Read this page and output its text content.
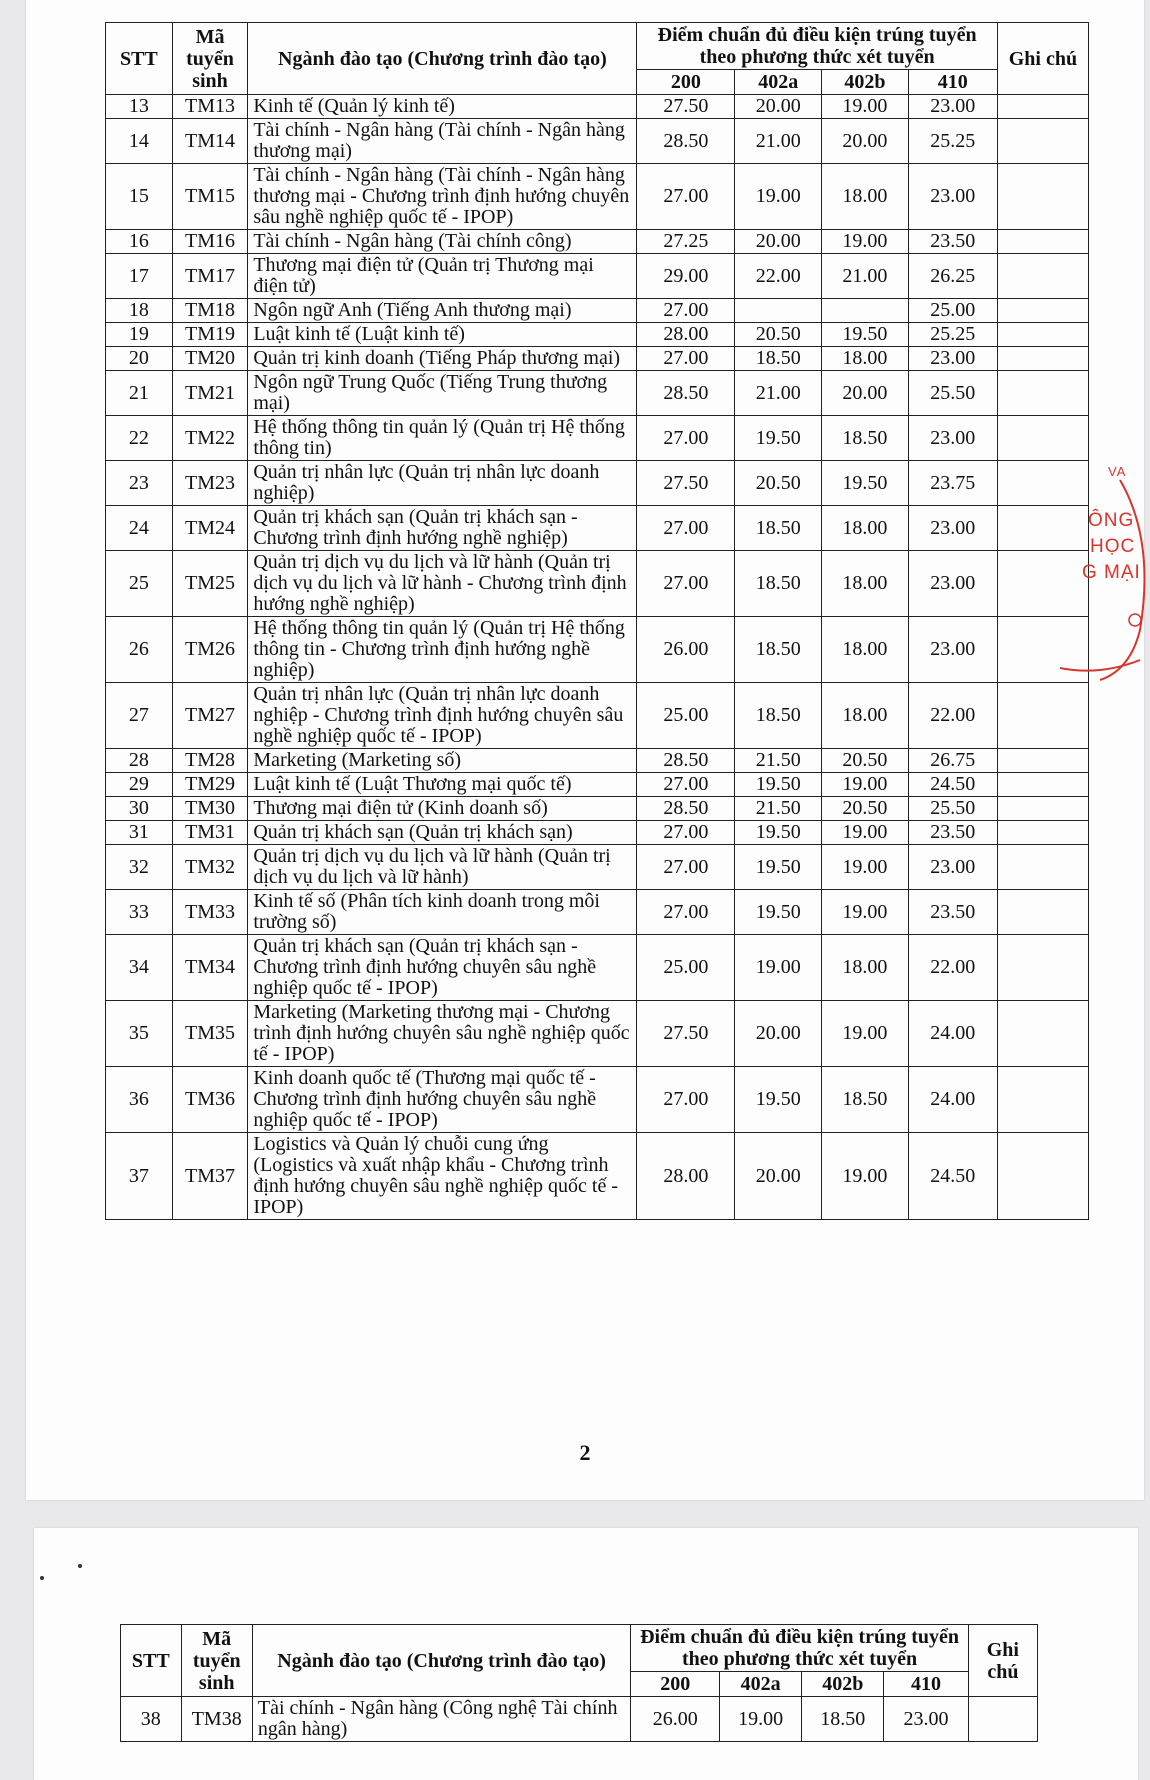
STT	Mã tuyển sinh	Ngành đào tạo (Chương trình đào tạo)	Điểm chuẩn đủ điều kiện trúng tuyển theo phương thức xét tuyển				Ghi chú
			200	402a	402b	410	
13	TM13	Kinh tế (Quản lý kinh tế)	27.50	20.00	19.00	23.00	
14	TM14	Tài chính - Ngân hàng (Tài chính - Ngân hàng thương mại)	28.50	21.00	20.00	25.25	
15	TM15	Tài chính - Ngân hàng (Tài chính - Ngân hàng thương mại - Chương trình định hướng chuyên sâu nghề nghiệp quốc tế - IPOP)	27.00	19.00	18.00	23.00	
16	TM16	Tài chính - Ngân hàng (Tài chính công)	27.25	20.00	19.00	23.50	
17	TM17	Thương mại điện tử (Quản trị Thương mại điện tử)	29.00	22.00	21.00	26.25	
18	TM18	Ngôn ngữ Anh (Tiếng Anh thương mại)	27.00			25.00	
19	TM19	Luật kinh tế (Luật kinh tế)	28.00	20.50	19.50	25.25	
20	TM20	Quản trị kinh doanh (Tiếng Pháp thương mại)	27.00	18.50	18.00	23.00	
21	TM21	Ngôn ngữ Trung Quốc (Tiếng Trung thương mại)	28.50	21.00	20.00	25.50	
22	TM22	Hệ thống thông tin quản lý (Quản trị Hệ thống thông tin)	27.00	19.50	18.50	23.00	
23	TM23	Quản trị nhân lực (Quản trị nhân lực doanh nghiệp)	27.50	20.50	19.50	23.75	
24	TM24	Quản trị khách sạn (Quản trị khách sạn - Chương trình định hướng nghề nghiệp)	27.00	18.50	18.00	23.00	
25	TM25	Quản trị dịch vụ du lịch và lữ hành (Quản trị dịch vụ du lịch và lữ hành - Chương trình định hướng nghề nghiệp)	27.00	18.50	18.00	23.00	
26	TM26	Hệ thống thông tin quản lý (Quản trị Hệ thống thông tin - Chương trình định hướng nghề nghiệp)	26.00	18.50	18.00	23.00	
27	TM27	Quản trị nhân lực (Quản trị nhân lực doanh nghiệp - Chương trình định hướng chuyên sâu nghề nghiệp quốc tế - IPOP)	25.00	18.50	18.00	22.00	
28	TM28	Marketing (Marketing số)	28.50	21.50	20.50	26.75	
29	TM29	Luật kinh tế (Luật Thương mại quốc tế)	27.00	19.50	19.00	24.50	
30	TM30	Thương mại điện tử (Kinh doanh số)	28.50	21.50	20.50	25.50	
31	TM31	Quản trị khách sạn (Quản trị khách sạn)	27.00	19.50	19.00	23.50	
32	TM32	Quản trị dịch vụ du lịch và lữ hành (Quản trị dịch vụ du lịch và lữ hành)	27.00	19.50	19.00	23.00	
33	TM33	Kinh tế số (Phân tích kinh doanh trong môi trường số)	27.00	19.50	19.00	23.50	
34	TM34	Quản trị khách sạn (Quản trị khách sạn - Chương trình định hướng chuyên sâu nghề nghiệp quốc tế - IPOP)	25.00	19.00	18.00	22.00	
35	TM35	Marketing (Marketing thương mại - Chương trình định hướng chuyên sâu nghề nghiệp quốc tế - IPOP)	27.50	20.00	19.00	24.00	
36	TM36	Kinh doanh quốc tế (Thương mại quốc tế - Chương trình định hướng chuyên sâu nghề nghiệp quốc tế - IPOP)	27.00	19.50	18.50	24.00	
37	TM37	Logistics và Quản lý chuỗi cung ứng (Logistics và xuất nhập khẩu - Chương trình định hướng chuyên sâu nghề nghiệp quốc tế - IPOP)	28.00	20.00	19.00	24.50	
2
VA
ÔNG
HỌC
G MẠI
STT	Mã tuyển sinh	Ngành đào tạo (Chương trình đào tạo)	Điểm chuẩn đủ điều kiện trúng tuyển theo phương thức xét tuyển				Ghi chú
			200	402a	402b	410	
38	TM38	Tài chính - Ngân hàng (Công nghệ Tài chính ngân hàng)	26.00	19.00	18.50	23.00	
